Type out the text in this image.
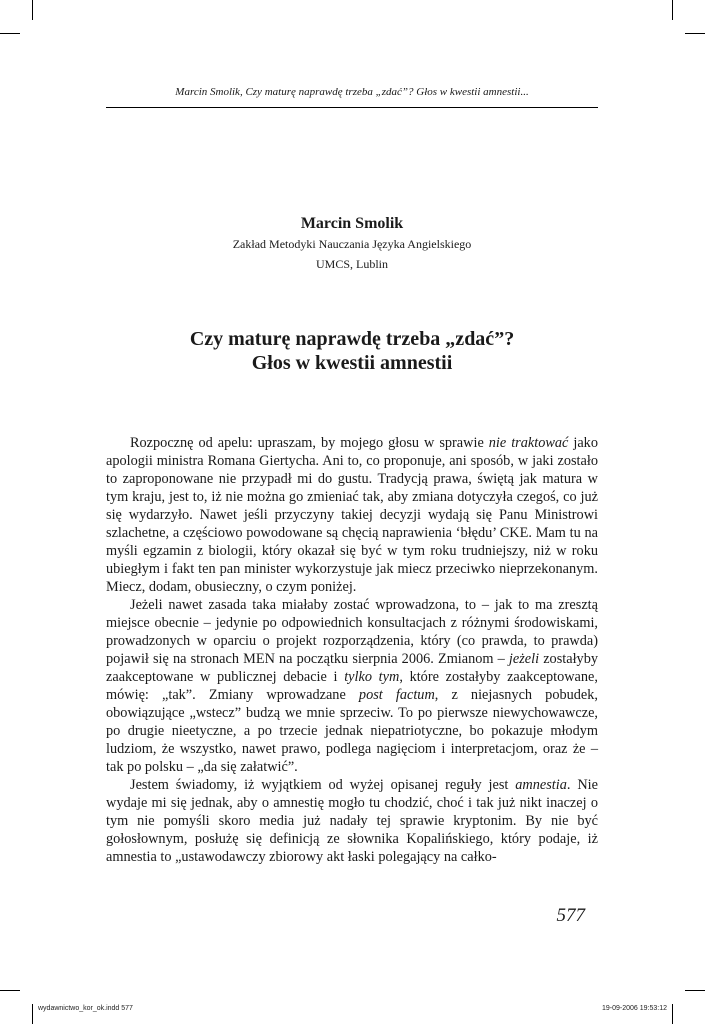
Marcin Smolik, Czy maturę naprawdę trzeba „zdać”? Głos w kwestii amnestii...
Marcin Smolik
Zakład Metodyki Nauczania Języka Angielskiego
UMCS, Lublin
Czy maturę naprawdę trzeba „zdać”?
Głos w kwestii amnestii

Rozpocznę od apelu: upraszam, by mojego głosu w sprawie nie traktować jako apologii ministra Romana Giertycha. Ani to, co proponuje, ani sposób, w jaki zostało to zaproponowane nie przypadł mi do gustu. Tradycją prawa, świętą jak matura w tym kraju, jest to, iż nie można go zmieniać tak, aby zmiana dotyczyła czegoś, co już się wydarzyło. Nawet jeśli przyczyny takiej decyzji wydają się Panu Ministrowi szlachetne, a częściowo powodowane są chęcią naprawienia ‘błędu’ CKE. Mam tu na myśli egzamin z biologii, który okazał się być w tym roku trudniejszy, niż w roku ubiegłym i fakt ten pan minister wykorzystuje jak miecz przeciwko nieprzekonanym. Miecz, dodam, obusieczny, o czym poniżej.

Jeżeli nawet zasada taka miałaby zostać wprowadzona, to – jak to ma zresztą miejsce obecnie – jedynie po odpowiednich konsultacjach z różnymi środowiskami, prowadzonych w oparciu o projekt rozporządzenia, który (co prawda, to prawda) pojawił się na stronach MEN na początku sierpnia 2006. Zmianom – jeżeli zostałyby zaakceptowane w publicznej debacie i tylko tym, które zostałyby zaakceptowane, mówię: „tak”. Zmiany wprowadzane post factum, z niejasnych pobudek, obowiązujące „wstecz” budzą we mnie sprzeciw. To po pierwsze niewychowawcze, po drugie nieetyczne, a po trzecie jednak niepatriotyczne, bo pokazuje młodym ludziom, że wszystko, nawet prawo, podlega nagięciom i interpretacjom, oraz że – tak po polsku – „da się załatwić”.

Jestem świadomy, iż wyjątkiem od wyżej opisanej reguły jest amnestia. Nie wydaje mi się jednak, aby o amnestię mogło tu chodzić, choć i tak już nikt inaczej o tym nie pomyśli skoro media już nadały tej sprawie kryptonim. By nie być gołosłownym, posłużę się definicją ze słownika Kopalińskiego, który podaje, iż amnestia to „ustawodawczy zbiorowy akt łaski polegający na całko-

577
wydawnictwo_kor_ok.indd 577	19-09-2006 19:53:12
